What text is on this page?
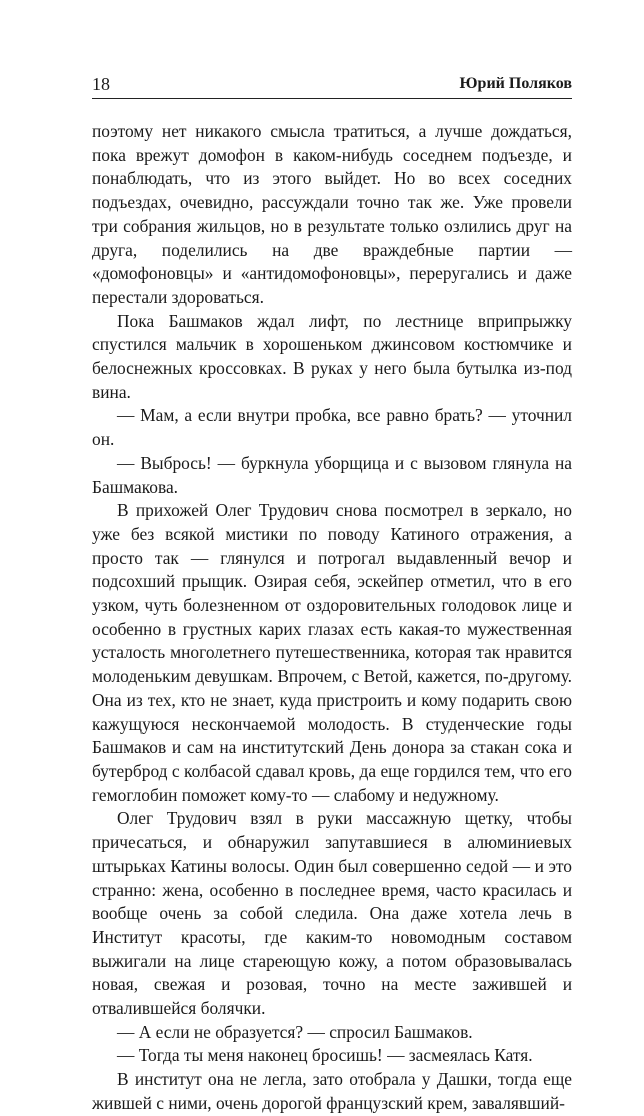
18	Юрий Поляков

поэтому нет никакого смысла тратиться, а лучше дождаться, пока врежут домофон в каком-нибудь соседнем подъезде, и понаблюдать, что из этого выйдет. Но во всех соседних подъездах, очевидно, рассуждали точно так же. Уже провели три собрания жильцов, но в результате только озлились друг на друга, поделились на две враждебные партии — «домофоновцы» и «антидомофоновцы», переругались и даже перестали здороваться.

Пока Башмаков ждал лифт, по лестнице вприпрыжку спустился мальчик в хорошеньком джинсовом костюмчике и белоснежных кроссовках. В руках у него была бутылка из-под вина.

— Мам, а если внутри пробка, все равно брать? — уточнил он.

— Выбрось! — буркнула уборщица и с вызовом глянула на Башмакова.

В прихожей Олег Трудович снова посмотрел в зеркало, но уже без всякой мистики по поводу Катиного отражения, а просто так — глянулся и потрогал выдавленный вечор и подсохший прыщик. Озирая себя, эскейпер отметил, что в его узком, чуть болезненном от оздоровительных голодовок лице и особенно в грустных карих глазах есть какая-то мужественная усталость многолетнего путешественника, которая так нравится молоденьким девушкам. Впрочем, с Ветой, кажется, по-другому. Она из тех, кто не знает, куда пристроить и кому подарить свою кажущуюся нескончаемой молодость. В студенческие годы Башмаков и сам на институтский День донора за стакан сока и бутерброд с колбасой сдавал кровь, да еще гордился тем, что его гемоглобин поможет кому-то — слабому и недужному.

Олег Трудович взял в руки массажную щетку, чтобы причесаться, и обнаружил запутавшиеся в алюминиевых штырьках Катины волосы. Один был совершенно седой — и это странно: жена, особенно в последнее время, часто красилась и вообще очень за собой следила. Она даже хотела лечь в Институт красоты, где каким-то новомодным составом выжигали на лице стареющую кожу, а потом образовывалась новая, свежая и розовая, точно на месте зажившей и отвалившейся болячки.

— А если не образуется? — спросил Башмаков.

— Тогда ты меня наконец бросишь! — засмеялась Катя.

В институт она не легла, зато отобрала у Дашки, тогда еще жившей с ними, очень дорогой французский крем, завалявший-
